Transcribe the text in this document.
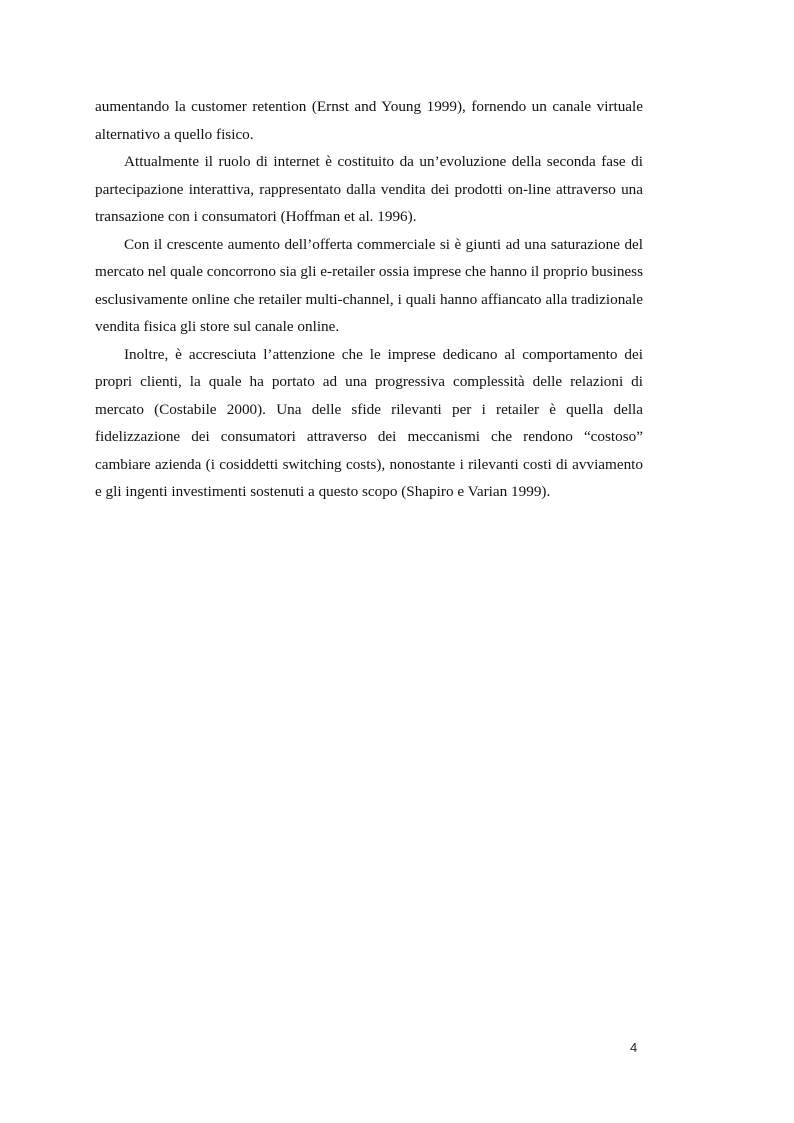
aumentando la customer retention (Ernst and Young 1999), fornendo un canale virtuale alternativo a quello fisico.

Attualmente il ruolo di internet è costituito da un’evoluzione della seconda fase di partecipazione interattiva, rappresentato dalla vendita dei prodotti on-line attraverso una transazione con i consumatori (Hoffman et al. 1996).

Con il crescente aumento dell’offerta commerciale si è giunti ad una saturazione del mercato nel quale concorrono sia gli e-retailer ossia imprese che hanno il proprio business esclusivamente online che retailer multi-channel, i quali hanno affiancato alla tradizionale vendita fisica gli store sul canale online.

Inoltre, è accresciuta l’attenzione che le imprese dedicano al comportamento dei propri clienti, la quale ha portato ad una progressiva complessità delle relazioni di mercato (Costabile 2000). Una delle sfide rilevanti per i retailer è quella della fidelizzazione dei consumatori attraverso dei meccanismi che rendono “costoso” cambiare azienda (i cosiddetti switching costs), nonostante i rilevanti costi di avviamento e gli ingenti investimenti sostenuti a questo scopo (Shapiro e Varian 1999).

4
